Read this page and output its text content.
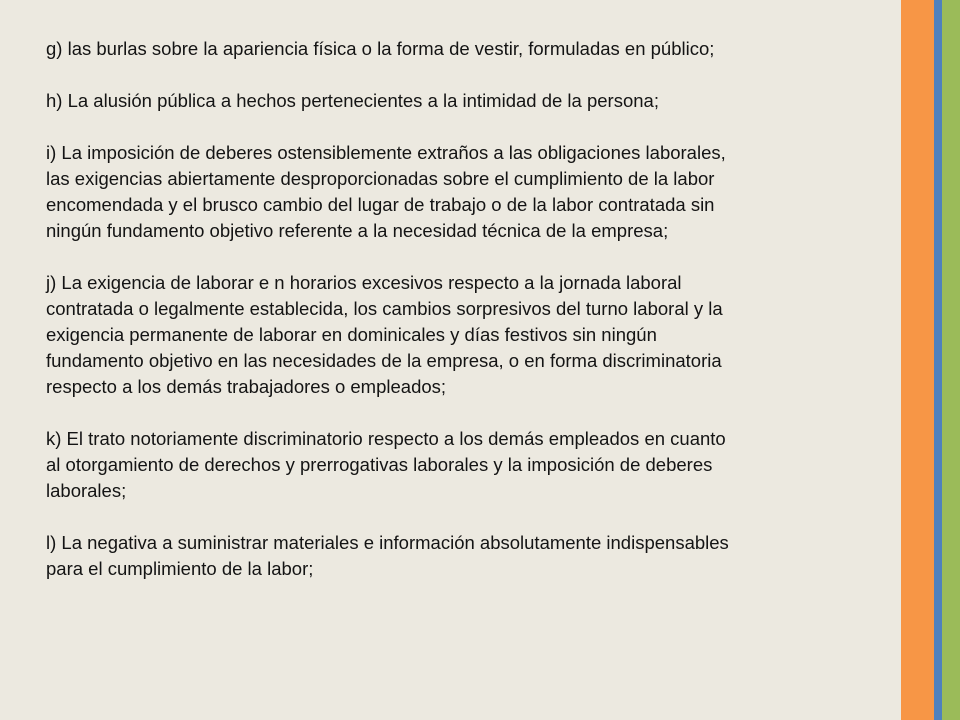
g) las burlas sobre la apariencia física o la forma de vestir, formuladas en público;

h) La alusión pública a hechos pertenecientes a la intimidad de la persona;

i) La imposición de deberes ostensiblemente extraños a las obligaciones laborales,
las exigencias abiertamente desproporcionadas sobre el cumplimiento de la labor
encomendada y el brusco cambio del lugar de trabajo o de la labor contratada sin
ningún fundamento objetivo referente a la necesidad técnica de la empresa;

j) La exigencia de laborar e n horarios excesivos respecto a la jornada laboral
contratada o legalmente establecida, los cambios sorpresivos del turno laboral y la
exigencia permanente de laborar en dominicales y días festivos sin ningún
fundamento objetivo en las necesidades de la empresa, o en forma discriminatoria
respecto a los demás trabajadores o empleados;

k) El trato notoriamente discriminatorio respecto a los demás empleados en cuanto
al otorgamiento de derechos y prerrogativas laborales y la imposición de deberes
laborales;

l) La negativa a suministrar materiales e información absolutamente indispensables
para el cumplimiento de la labor;
